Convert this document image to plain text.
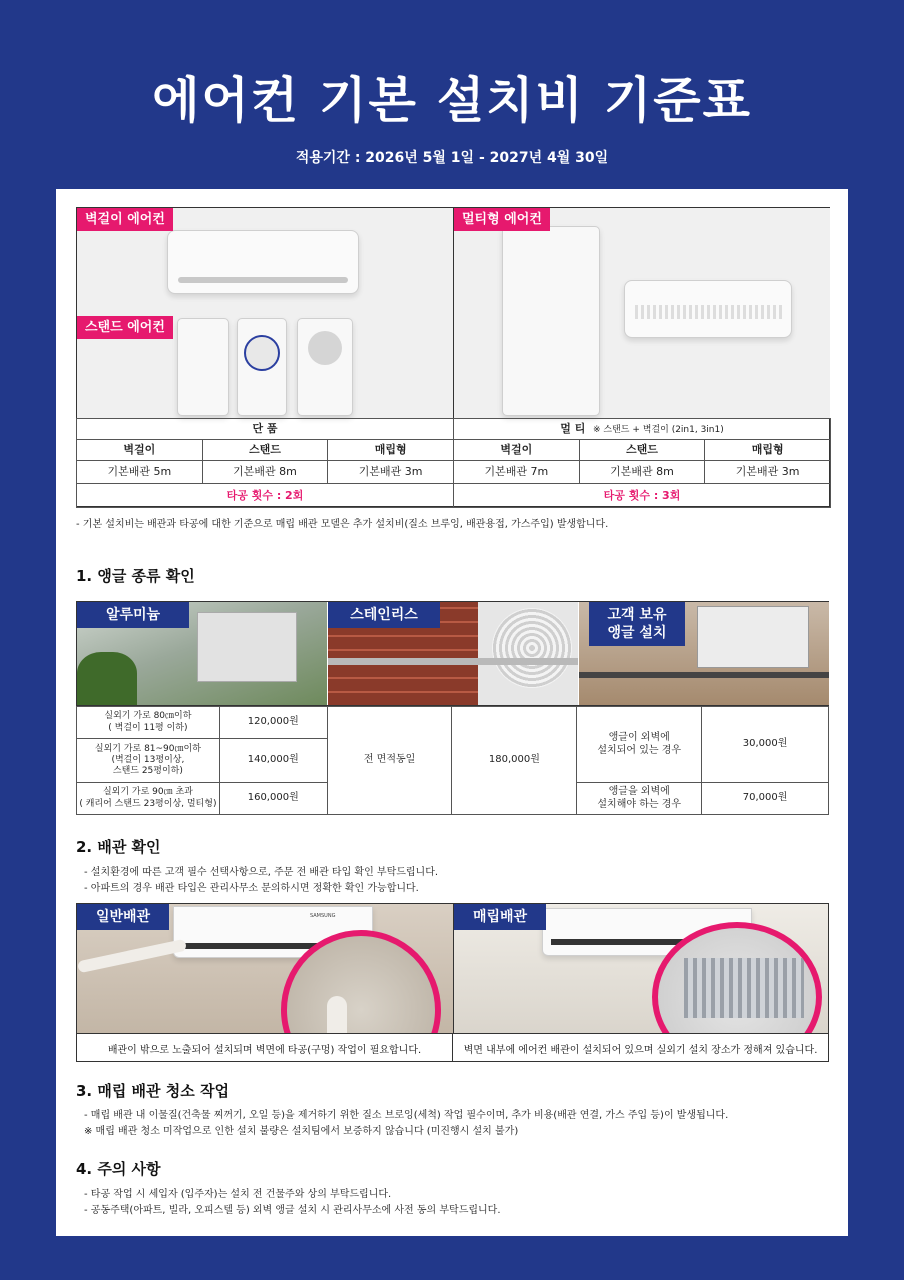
에어컨 기본 설치비 기준표
적용기간 : 2026년 5월 1일 - 2027년 4월 30일
벽걸이 에어컨
스탠드 에어컨
멀티형 에어컨
단 품		
벽걸이	스탠드	매립형
기본배관 5m	기본배관 8m	기본배관 3m
타공 횟수 : 2회		
멀 티 ※ 스탠드 + 벽걸이 (2in1, 3in1)		
벽걸이	스탠드	매립형
기본배관 7m	기본배관 8m	기본배관 3m
타공 횟수 : 3회		
- 기본 설치비는 배관과 타공에 대한 기준으로 매립 배관 모델은 추가 설치비(질소 브루잉, 배관용접, 가스주입) 발생합니다.
1. 앵글 종류 확인
알루미늄	스테인리스	고객 보유
앵글 설치
실외기 가로 80㎝이하
( 벽걸이 11평 이하)	120,000원	전 면적동일	180,000원	앵글이 외벽에
설치되어 있는 경우	30,000원
실외기 가로 81~90㎝이하
(벽걸이 13평이상,
스탠드 25평이하)	140,000원				
실외기 가로 90㎝ 초과
( 캐리어 스탠드 23평이상, 멀티형)	160,000원			앵글을 외벽에
설치해야 하는 경우	70,000원
2. 배관 확인
- 설치환경에 따른 고객 필수 선택사항으로, 주문 전 배관 타입 확인 부탁드립니다.
- 아파트의 경우 배관 타입은 관리사무소 문의하시면 정확한 확인 가능합니다.
SAMSUNG
일반배관	매립배관
배관이 밖으로 노출되어 설치되며 벽면에 타공(구멍) 작업이 필요합니다.	벽면 내부에 에어컨 배관이 설치되어 있으며 실외기 설치 장소가 정해져 있습니다.
3. 매립 배관 청소 작업
- 매립 배관 내 이물질(건축물 찌꺼기, 오일 등)을 제거하기 위한 질소 브로잉(세척) 작업 필수이며, 추가 비용(배관 연결, 가스 주입 등)이 발생됩니다.
※ 매립 배관 청소 미작업으로 인한 설치 불량은 설치팀에서 보증하지 않습니다 (미진행시 설치 불가)
4. 주의 사항
- 타공 작업 시 세입자 (입주자)는 설치 전 건물주와 상의 부탁드립니다.
- 공동주택(아파트, 빌라, 오피스텔 등) 외벽 앵글 설치 시 관리사무소에 사전 동의 부탁드립니다.
